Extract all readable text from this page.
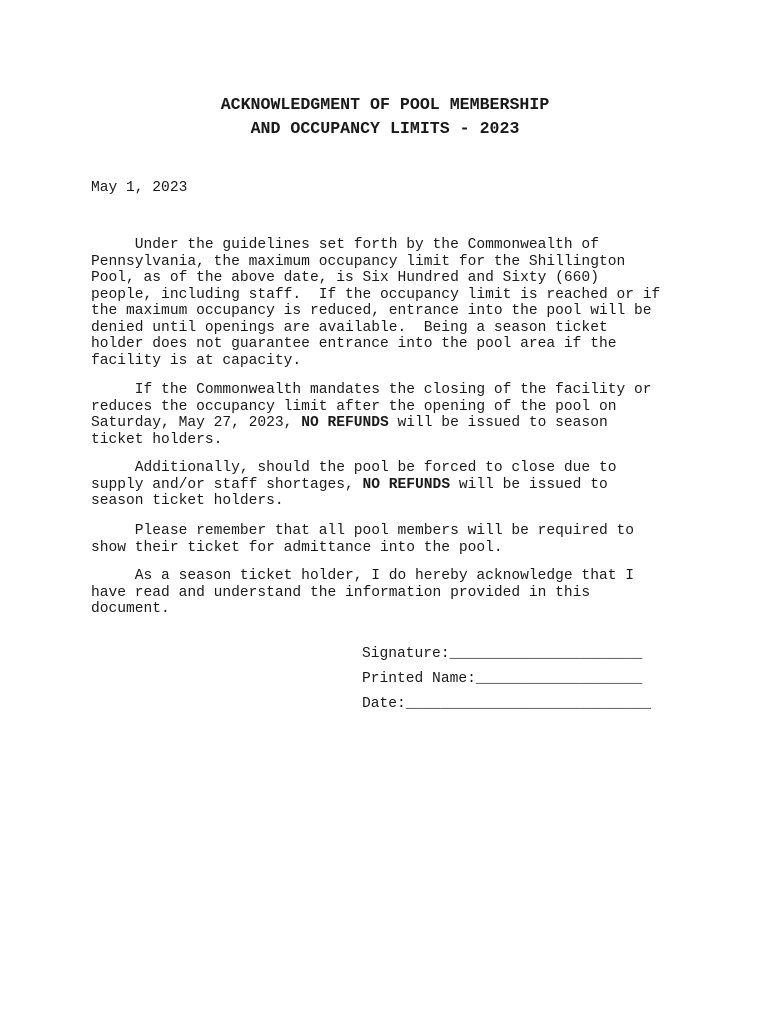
ACKNOWLEDGMENT OF POOL MEMBERSHIP
AND OCCUPANCY LIMITS - 2023
May 1, 2023
Under the guidelines set forth by the Commonwealth of
Pennsylvania, the maximum occupancy limit for the Shillington
Pool, as of the above date, is Six Hundred and Sixty (660)
people, including staff.  If the occupancy limit is reached or if
the maximum occupancy is reduced, entrance into the pool will be
denied until openings are available.  Being a season ticket
holder does not guarantee entrance into the pool area if the
facility is at capacity.
If the Commonwealth mandates the closing of the facility or
reduces the occupancy limit after the opening of the pool on
Saturday, May 27, 2023, NO REFUNDS will be issued to season
ticket holders.
Additionally, should the pool be forced to close due to
supply and/or staff shortages, NO REFUNDS will be issued to
season ticket holders.
Please remember that all pool members will be required to
show their ticket for admittance into the pool.
As a season ticket holder, I do hereby acknowledge that I
have read and understand the information provided in this
document.
Signature:______________________
Printed Name:___________________
Date:____________________________
